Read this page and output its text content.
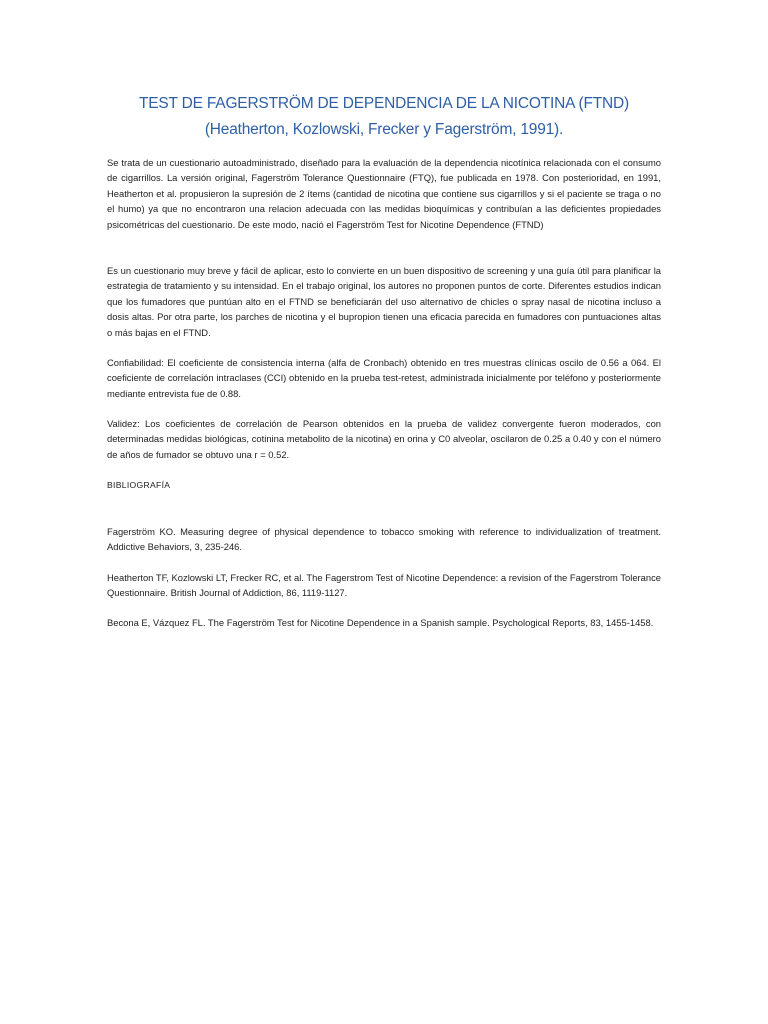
TEST DE FAGERSTRÖM DE DEPENDENCIA DE LA NICOTINA (FTND)
(Heatherton, Kozlowski, Frecker y Fagerström, 1991).
Se trata de un cuestionario autoadministrado, diseñado para la evaluación de la dependencia nicotínica relacionada con el consumo de cigarrillos. La versión original, Fagerström Tolerance Questionnaire (FTQ), fue publicada en 1978. Con posterioridad, en 1991, Heatherton et al. propusieron la supresión de 2 ítems (cantidad de nicotina que contiene sus cigarrillos y si el paciente se traga o no el humo) ya que no encontraron una relacion adecuada con las medidas bioquímicas y contribuían a las deficientes propiedades psicométricas del cuestionario. De este modo, nació el Fagerström Test for Nicotine Dependence (FTND)
Es un cuestionario muy breve y fácil de aplicar, esto lo convierte en un buen dispositivo de screening y una guía útil para planificar la estrategia de tratamiento y su intensidad. En el trabajo original, los autores no proponen puntos de corte. Diferentes estudios indican que los fumadores que puntúan alto en el FTND se beneficiarán del uso alternativo de chicles o spray nasal de nicotina incluso a dosis altas. Por otra parte, los parches de nicotina y el bupropion tienen una eficacia parecida en fumadores con puntuaciones altas o más bajas en el FTND.
Confiabilidad: El coeficiente de consistencia interna (alfa de Cronbach) obtenido en tres muestras clínicas oscilo de 0.56 a 064. El coeficiente de correlación intraclases (CCI) obtenido en la prueba test-retest, administrada inicialmente por teléfono y posteriormente mediante entrevista fue de 0.88.
Validez: Los coeficientes de correlación de Pearson obtenidos en la prueba de validez convergente fueron moderados, con determinadas medidas biológicas, cotinina metabolito de la nicotina) en orina y C0 alveolar, oscilaron de 0.25 a 0.40 y con el número de años de fumador se obtuvo una r = 0.52.
BIBLIOGRAFÍA
Fagerström KO. Measuring degree of physical dependence to tobacco smoking with reference to individualization of treatment. Addictive Behaviors, 3, 235-246.
Heatherton TF, Kozlowski LT, Frecker RC, et al. The Fagerstrom Test of Nicotine Dependence: a revision of the Fagerstrom Tolerance Questionnaire. British Journal of Addiction, 86, 1119-1127.
Becona E, Vázquez FL. The Fagerström Test for Nicotine Dependence in a Spanish sample. Psychological Reports, 83, 1455-1458.
